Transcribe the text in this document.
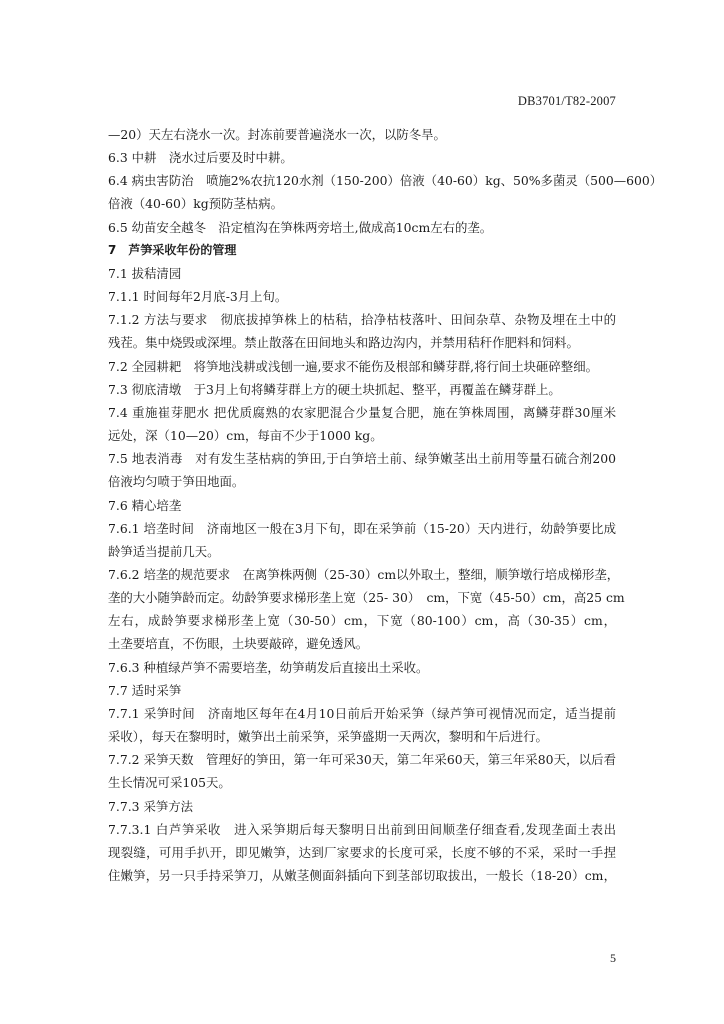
DB3701/T82-2007
—20）天左右浇水一次。封冻前要普遍浇水一次，以防冬旱。
6.3 中耕　浇水过后要及时中耕。
6.4 病虫害防治　喷施2%农抗120水剂（150-200）倍液（40-60）kg、50%多菌灵（500—600）
倍液（40-60）kg预防茎枯病。
6.5 幼苗安全越冬　沿定植沟在笋株两旁培土,做成高10cm左右的垄。
7　芦笋采收年份的管理
7.1 拔秸清园
7.1.1 时间每年2月底-3月上旬。
7.1.2 方法与要求　彻底拔掉笋株上的枯秸，拾净枯枝落叶、田间杂草、杂物及埋在土中的
残茬。集中烧毁或深埋。禁止散落在田间地头和路边沟内，并禁用秸秆作肥料和饲料。
7.2 全园耕耙　将笋地浅耕或浅刨一遍,要求不能伤及根部和鳞芽群,将行间土块砸碎整细。
7.3 彻底清墩　于3月上旬将鳞芽群上方的硬土块抓起、整平，再覆盖在鳞芽群上。
7.4 重施崔芽肥水 把优质腐熟的农家肥混合少量复合肥，施在笋株周围，离鳞芽群30厘米
远处，深（10—20）cm，每亩不少于1000 kg。
7.5 地表消毒　对有发生茎枯病的笋田,于白笋培土前、绿笋嫩茎出土前用等量石硫合剂200
倍液均匀喷于笋田地面。
7.6 精心培垄
7.6.1 培垄时间　济南地区一般在3月下旬，即在采笋前（15-20）天内进行，幼龄笋要比成
龄笋适当提前几天。
7.6.2 培垄的规范要求　在离笋株两侧（25-30）cm以外取土，整细，顺笋墩行培成梯形垄，
垄的大小随笋龄而定。幼龄笋要求梯形垄上宽（25- 30）　cm，下宽（45-50）cm，高25 cm
左右，成龄笋要求梯形垄上宽（30-50）cm，下宽（80-100）cm，高（30-35）cm，
土垄要培直，不伤眼，土块要敲碎，避免透风。
7.6.3 种植绿芦笋不需要培垄，幼笋萌发后直接出土采收。
7.7 适时采笋
7.7.1 采笋时间　济南地区每年在4月10日前后开始采笋（绿芦笋可视情况而定，适当提前
采收），每天在黎明时，嫩笋出土前采笋，采笋盛期一天两次，黎明和午后进行。
7.7.2 采笋天数　管理好的笋田，第一年可采30天，第二年采60天，第三年采80天，以后看
生长情况可采105天。
7.7.3 采笋方法
7.7.3.1 白芦笋采收　进入采笋期后每天黎明日出前到田间顺垄仔细查看,发现垄面土表出
现裂缝，可用手扒开，即见嫩笋，达到厂家要求的长度可采，长度不够的不采，采时一手捏
住嫩笋，另一只手持采笋刀，从嫩茎侧面斜插向下到茎部切取拔出，一般长（18-20）cm，
5
